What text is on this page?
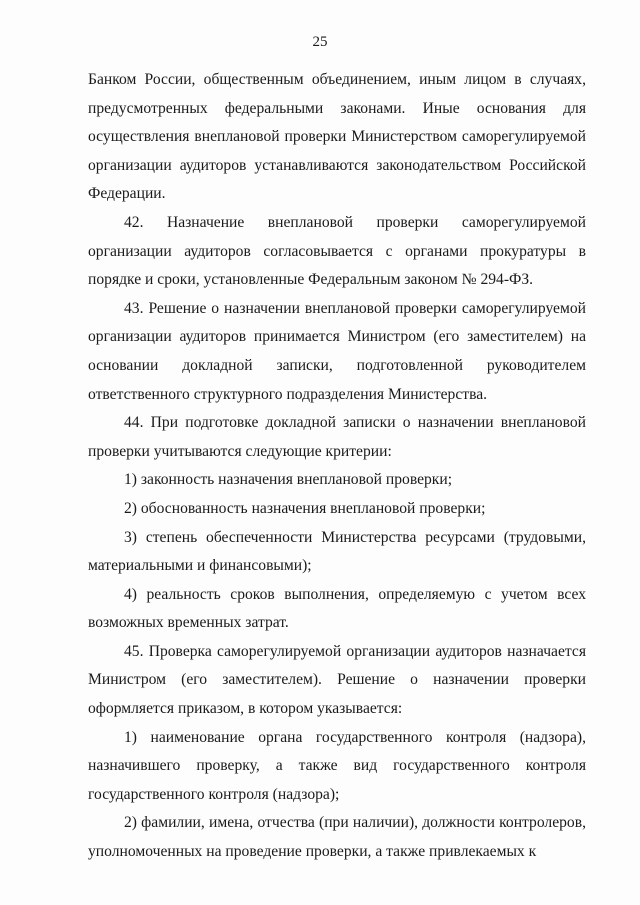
25

Банком России, общественным объединением, иным лицом в случаях, предусмотренных федеральными законами. Иные основания для осуществления внеплановой проверки Министерством саморегулируемой организации аудиторов устанавливаются законодательством Российской Федерации.

42. Назначение внеплановой проверки саморегулируемой организации аудиторов согласовывается с органами прокуратуры в порядке и сроки, установленные Федеральным законом № 294-ФЗ.

43. Решение о назначении внеплановой проверки саморегулируемой организации аудиторов принимается Министром (его заместителем) на основании докладной записки, подготовленной руководителем ответственного структурного подразделения Министерства.

44. При подготовке докладной записки о назначении внеплановой проверки учитываются следующие критерии:

1) законность назначения внеплановой проверки;

2) обоснованность назначения внеплановой проверки;

3) степень обеспеченности Министерства ресурсами (трудовыми, материальными и финансовыми);

4) реальность сроков выполнения, определяемую с учетом всех возможных временных затрат.

45. Проверка саморегулируемой организации аудиторов назначается Министром (его заместителем). Решение о назначении проверки оформляется приказом, в котором указывается:

1) наименование органа государственного контроля (надзора), назначившего проверку, а также вид государственного контроля государственного контроля (надзора);

2) фамилии, имена, отчества (при наличии), должности контролеров, уполномоченных на проведение проверки, а также привлекаемых к
